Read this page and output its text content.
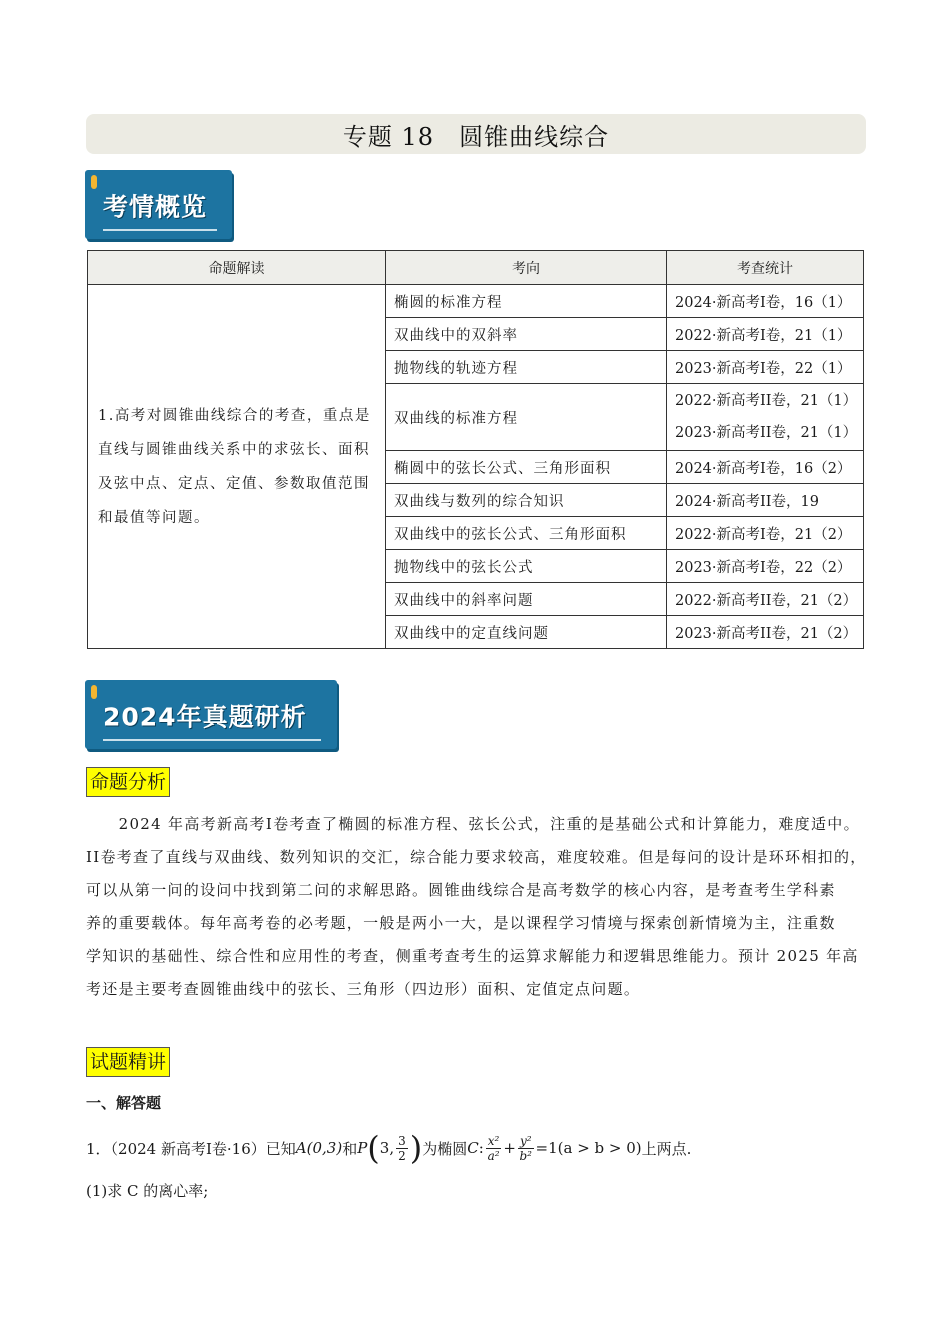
专题 18　圆锥曲线综合
考情概览
命题解读	考向	考查统计
1.高考对圆锥曲线综合的考查，重点是直线与圆锥曲线关系中的求弦长、面积及弦中点、定点、定值、参数取值范围和最值等问题。	椭圆的标准方程	2024·新高考I卷，16（1）
	双曲线中的双斜率	2022·新高考I卷，21（1）
	抛物线的轨迹方程	2023·新高考I卷，22（1）
	双曲线的标准方程	2022·新高考II卷，21（1）
2023·新高考II卷，21（1）

	椭圆中的弦长公式、三角形面积	2024·新高考I卷，16（2）
	双曲线与数列的综合知识	2024·新高考II卷，19
	双曲线中的弦长公式、三角形面积	2022·新高考I卷，21（2）
	抛物线中的弦长公式	2023·新高考I卷，22（2）
	双曲线中的斜率问题	2022·新高考II卷，21（2）
	双曲线中的定直线问题	2023·新高考II卷，21（2）
2024年真题研析
命题分析
　　2024 年高考新高考I卷考查了椭圆的标准方程、弦长公式，注重的是基础公式和计算能力，难度适中。
II卷考查了直线与双曲线、数列知识的交汇，综合能力要求较高，难度较难。但是每问的设计是环环相扣的，
可以从第一问的设问中找到第二问的求解思路。圆锥曲线综合是高考数学的核心内容，是考查考生学科素
养的重要载体。每年高考卷的必考题，一般是两小一大，是以课程学习情境与探索创新情境为主，注重数
学知识的基础性、综合性和应用性的考查，侧重考查考生的运算求解能力和逻辑思维能力。预计 2025 年高
考还是主要考查圆锥曲线中的弦长、三角形（四边形）面积、定值定点问题。
试题精讲
一、解答题
1．（2024 新高考I卷·16）已知 A(0,3) 和 P ( 3, $\frac{3}{2}$ ) 为椭圆 C : $\frac{\text{x²}}{\text{a²}} + \frac{\text{y²}}{\text{b²}} =1(a > b > 0)$ 上两点.
(1)求 C 的离心率;
